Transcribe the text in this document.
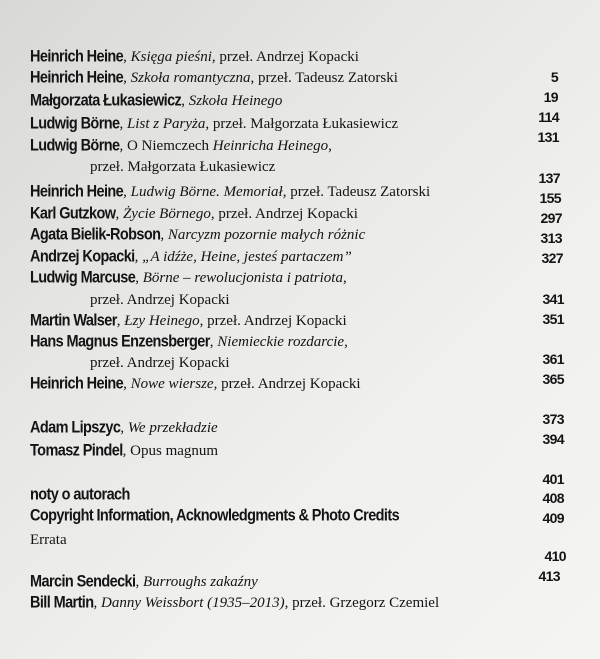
Heinrich Heine, Księga pieśni, przeł. Andrzej Kopacki
Heinrich Heine, Szkoła romantyczna, przeł. Tadeusz Zatorski
Małgorzata Łukasiewicz, Szkoła Heinego
Ludwig Börne, List z Paryża, przeł. Małgorzata Łukasiewicz
Ludwig Börne, O Niemczech Heinricha Heinego,
przeł. Małgorzata Łukasiewicz
Heinrich Heine, Ludwig Börne. Memoriał, przeł. Tadeusz Zatorski
Karl Gutzkow, Życie Börnego, przeł. Andrzej Kopacki
Agata Bielik-Robson, Narcyzm pozornie małych różnic
Andrzej Kopacki, „A idźże, Heine, jesteś partaczem”
Ludwig Marcuse, Börne – rewolucjonista i patriota,
przeł. Andrzej Kopacki
Martin Walser, Łzy Heinego, przeł. Andrzej Kopacki
Hans Magnus Enzensberger, Niemieckie rozdarcie,
przeł. Andrzej Kopacki
Heinrich Heine, Nowe wiersze, przeł. Andrzej Kopacki
Adam Lipszyc, We przekładzie
Tomasz Pindel, Opus magnum
noty o autorach
Copyright Information, Acknowledgments & Photo Credits
Errata
Marcin Sendecki, Burroughs zakaźny
Bill Martin, Danny Weissbort (1935–2013), przeł. Grzegorz Czemiel
5
19
114
131
137
155
297
313
327
341
351
361
365
373
394
401
408
409
410
413
